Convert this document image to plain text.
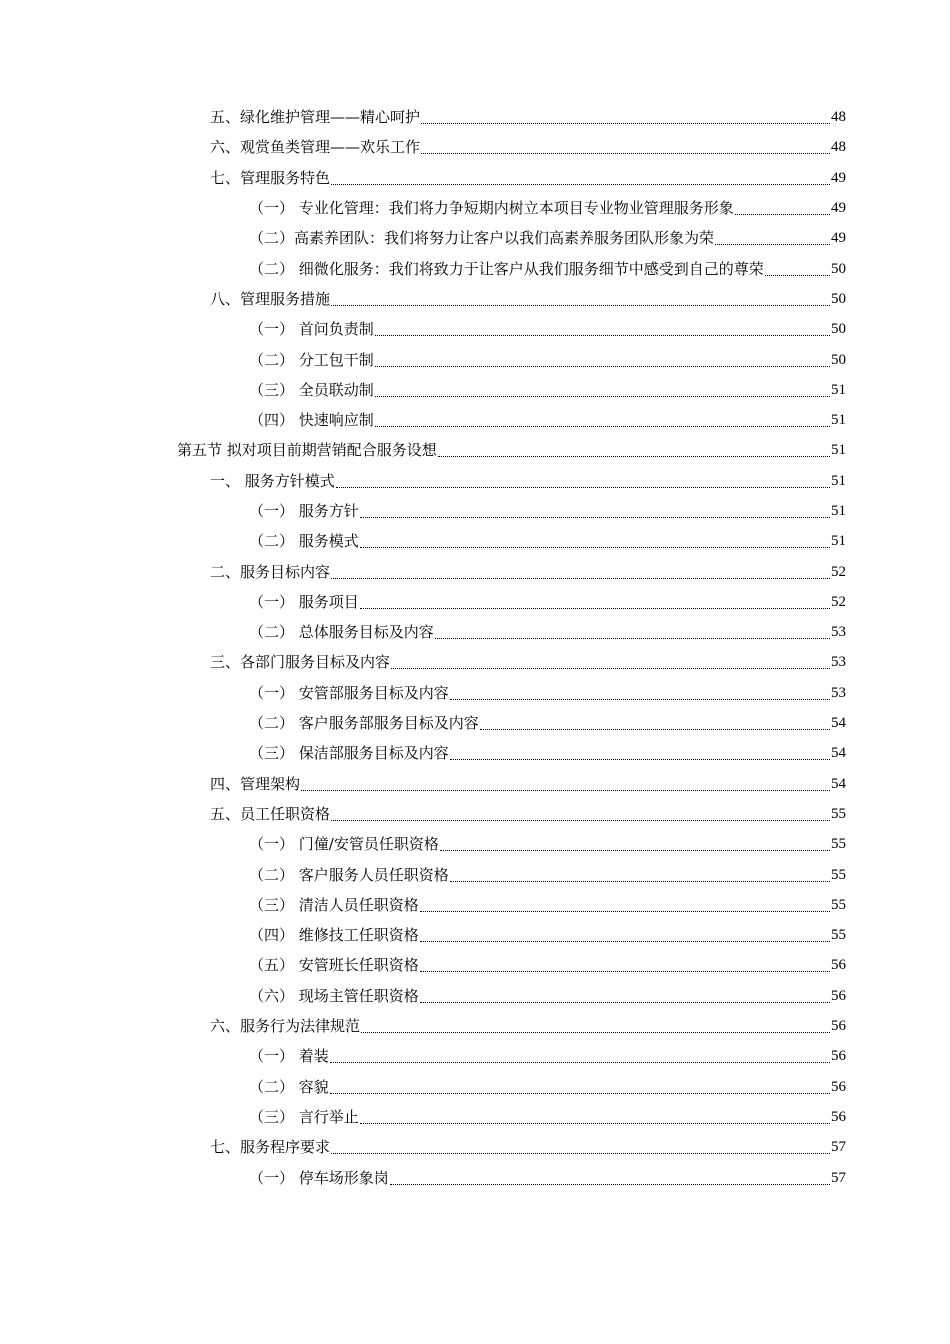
五、绿化维护管理——精心呵护	48
六、观赏鱼类管理——欢乐工作	48
七、管理服务特色	49
（一） 专业化管理：我们将力争短期内树立本项目专业物业管理服务形象	49
（二）高素养团队：我们将努力让客户以我们高素养服务团队形象为荣	49
（二） 细微化服务：我们将致力于让客户从我们服务细节中感受到自己的尊荣	50
八、管理服务措施	50
（一） 首问负责制	50
（二） 分工包干制	50
（三） 全员联动制	51
（四） 快速响应制	51
第五节 拟对项目前期营销配合服务设想	51
一、 服务方针模式	51
（一） 服务方针	51
（二） 服务模式	51
二、服务目标内容	52
（一） 服务项目	52
（二） 总体服务目标及内容	53
三、各部门服务目标及内容	53
（一） 安管部服务目标及内容	53
（二） 客户服务部服务目标及内容	54
（三） 保洁部服务目标及内容	54
四、管理架构	54
五、员工任职资格	55
（一） 门僮/安管员任职资格	55
（二） 客户服务人员任职资格	55
（三） 清洁人员任职资格	55
（四） 维修技工任职资格	55
（五） 安管班长任职资格	56
（六） 现场主管任职资格	56
六、服务行为法律规范	56
（一） 着装	56
（二） 容貌	56
（三） 言行举止	56
七、服务程序要求	57
（一） 停车场形象岗	57
